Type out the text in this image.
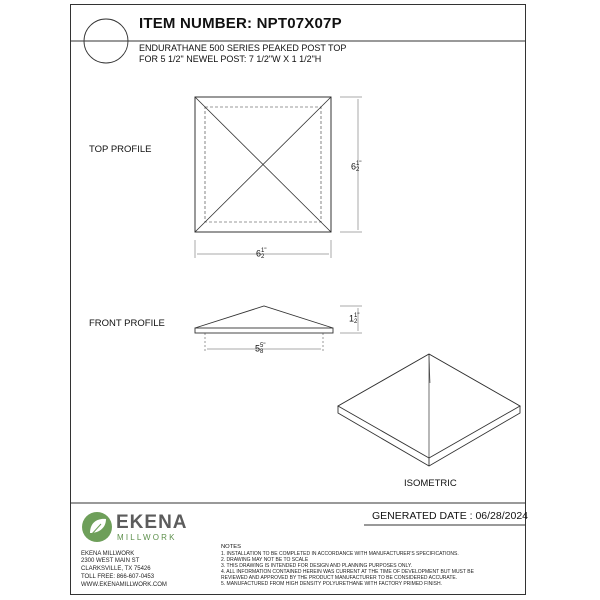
ITEM NUMBER: NPT07X07P
ENDURATHANE 500 SERIES PEAKED POST TOP
FOR 5 1/2" NEWEL POST: 7 1/2"W X 1 1/2"H
TOP PROFILE
FRONT PROFILE
ISOMETRIC
61
2"
61
2"
11
2"
55
8"
GENERATED DATE : 06/28/2024
EKENA
MILLWORK
EKENA MILLWORK
2300 WEST MAIN ST
CLARKSVILLE, TX 75426
TOLL FREE: 866-607-0453
WWW.EKENAMILLWORK.COM
NOTES
1. INSTALLATION TO BE COMPLETED IN ACCORDANCE WITH MANUFACTURER'S SPECIFICATIONS.
2. DRAWING MAY NOT BE TO SCALE
3. THIS DRAWING IS INTENDED FOR DESIGN AND PLANNING PURPOSES ONLY.
4. ALL INFORMATION CONTAINED HEREIN WAS CURRENT AT THE TIME OF DEVELOPMENT BUT MUST BE
REVIEWED AND APPROVED BY THE PRODUCT MANUFACTURER TO BE CONSIDERED ACCURATE.
5. MANUFACTURED FROM HIGH DENSITY POLYURETHANE WITH FACTORY PRIMED FINISH.
